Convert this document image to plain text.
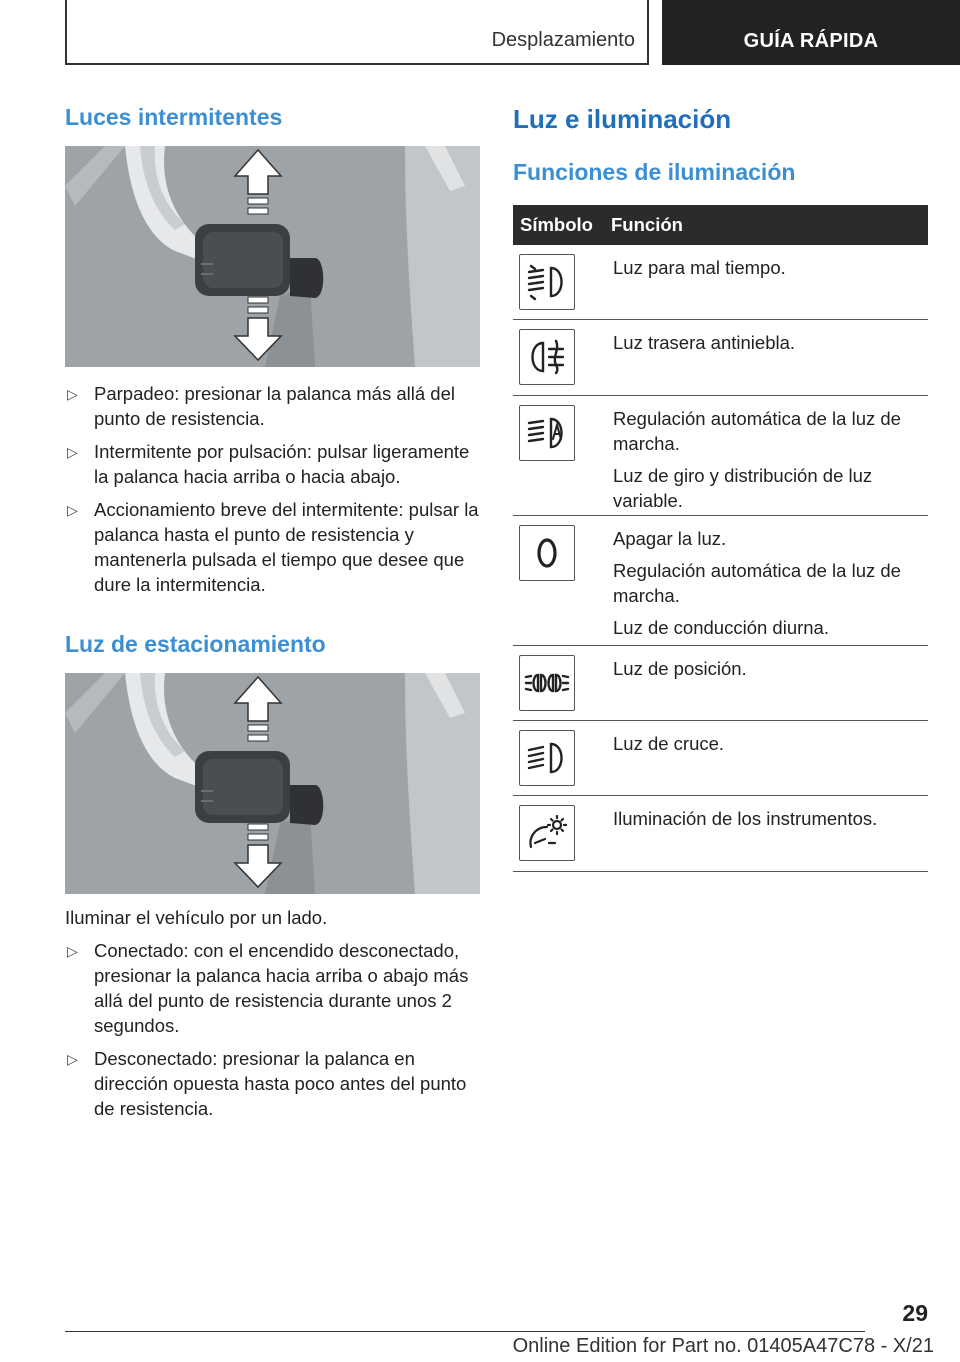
Desplazamiento	GUÍA RÁPIDA
Luces intermitentes
▷ Parpadeo: presionar la palanca más allá del punto de resistencia.
▷ Intermitente por pulsación: pulsar ligeramente la palanca hacia arriba o hacia abajo.
▷ Accionamiento breve del intermitente: pulsar la palanca hasta el punto de resistencia y mantenerla pulsada el tiempo que desee que dure la intermitencia.
Luz de estacionamiento

Iluminar el vehículo por un lado.

▷ Conectado: con el encendido desconectado, presionar la palanca hacia arriba o abajo más allá del punto de resistencia durante unos 2 segundos.
▷ Desconectado: presionar la palanca en dirección opuesta hasta poco antes del punto de resistencia.
Luz e iluminación
Funciones de iluminación
Símbolo Función

Luz para mal tiempo.

Luz trasera antiniebla.

Regulación automática de la luz de marcha.

Luz de giro y distribución de luz variable.

Apagar la luz.

Regulación automática de la luz de marcha.

Luz de conducción diurna.

Luz de posición.

Luz de cruce.

Iluminación de los instrumentos.

29
Online Edition for Part no. 01405A47C78 - X/21
